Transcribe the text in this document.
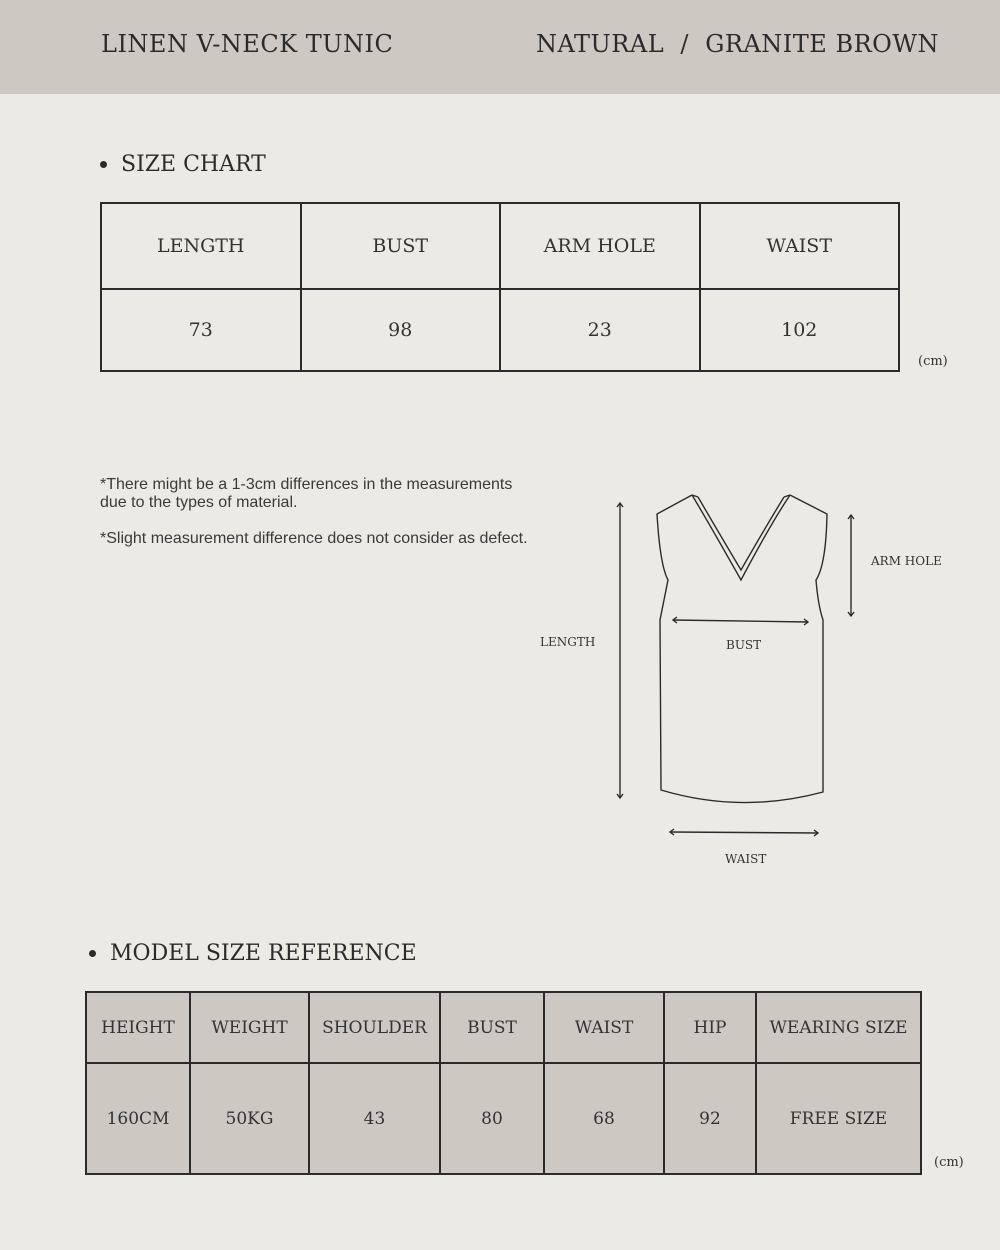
LINEN V-NECK TUNIC	NATURAL  /  GRANITE BROWN
SIZE CHART
LENGTH	BUST	ARM HOLE	WAIST
73	98	23	102
(cm)

*There might be a 1-3cm differences in the measurements due to the types of material.

*Slight measurement difference does not consider as defect.

LENGTH	BUST
ARM HOLE
WAIST
MODEL SIZE REFERENCE
HEIGHT	WEIGHT	SHOULDER	BUST	WAIST	HIP	WEARING SIZE
160CM	50KG	43	80	68	92	FREE SIZE
(cm)
